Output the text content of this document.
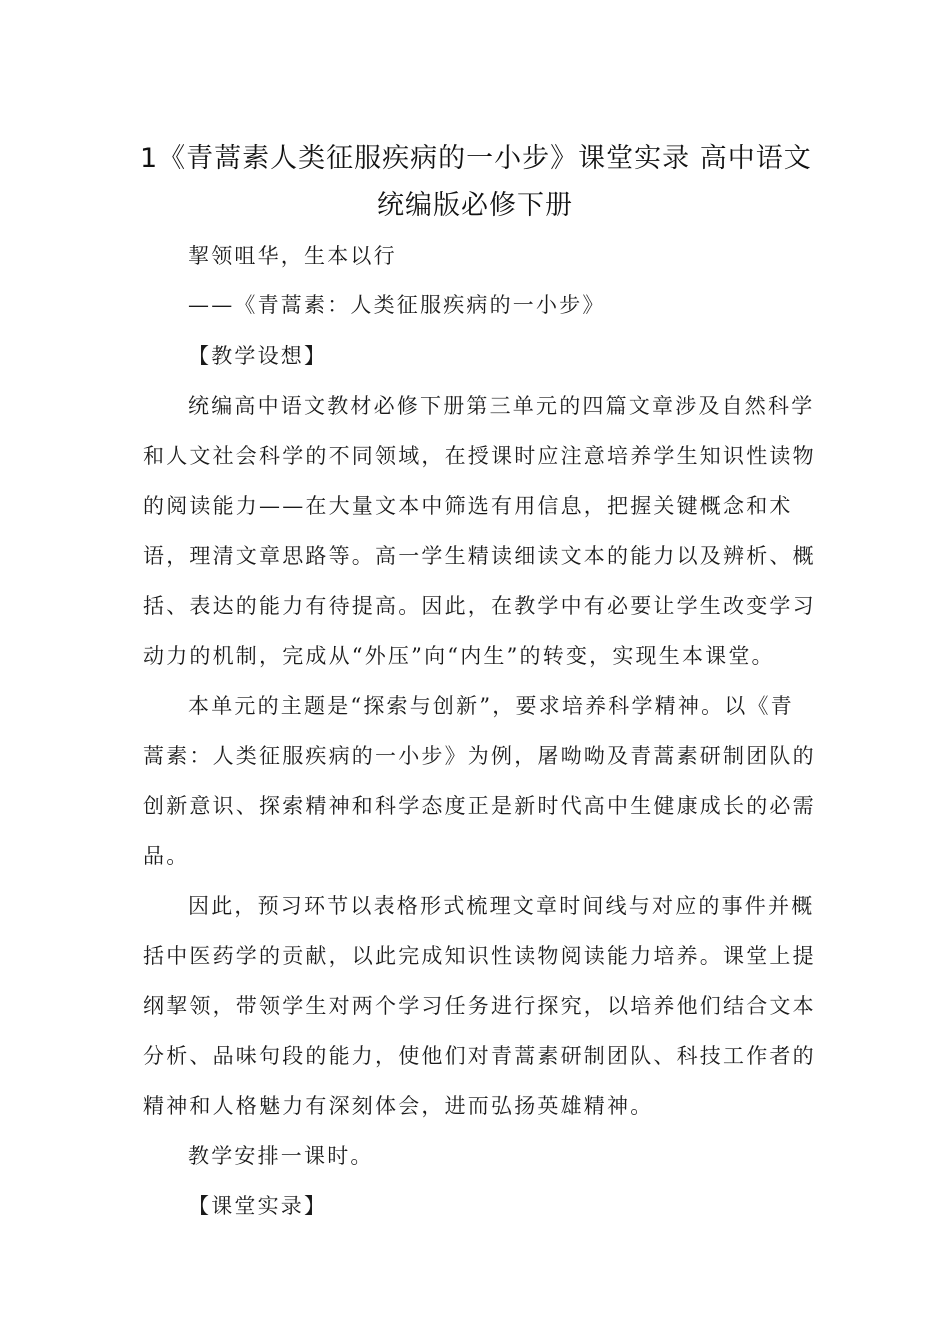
1《青蒿素人类征服疾病的一小步》课堂实录 高中语文
统编版必修下册
挈领咀华，生本以行
——《青蒿素：人类征服疾病的一小步》
【教学设想】
统编高中语文教材必修下册第三单元的四篇文章涉及自然科学
和人文社会科学的不同领域，在授课时应注意培养学生知识性读物
的阅读能力——在大量文本中筛选有用信息，把握关键概念和术
语，理清文章思路等。高一学生精读细读文本的能力以及辨析、概
括、表达的能力有待提高。因此，在教学中有必要让学生改变学习
动力的机制，完成从“外压”向“内生”的转变，实现生本课堂。
本单元的主题是“探索与创新”，要求培养科学精神。以《青
蒿素：人类征服疾病的一小步》为例，屠呦呦及青蒿素研制团队的
创新意识、探索精神和科学态度正是新时代高中生健康成长的必需
品。
因此，预习环节以表格形式梳理文章时间线与对应的事件并概
括中医药学的贡献，以此完成知识性读物阅读能力培养。课堂上提
纲挈领，带领学生对两个学习任务进行探究，以培养他们结合文本
分析、品味句段的能力，使他们对青蒿素研制团队、科技工作者的
精神和人格魅力有深刻体会，进而弘扬英雄精神。
教学安排一课时。
【课堂实录】
